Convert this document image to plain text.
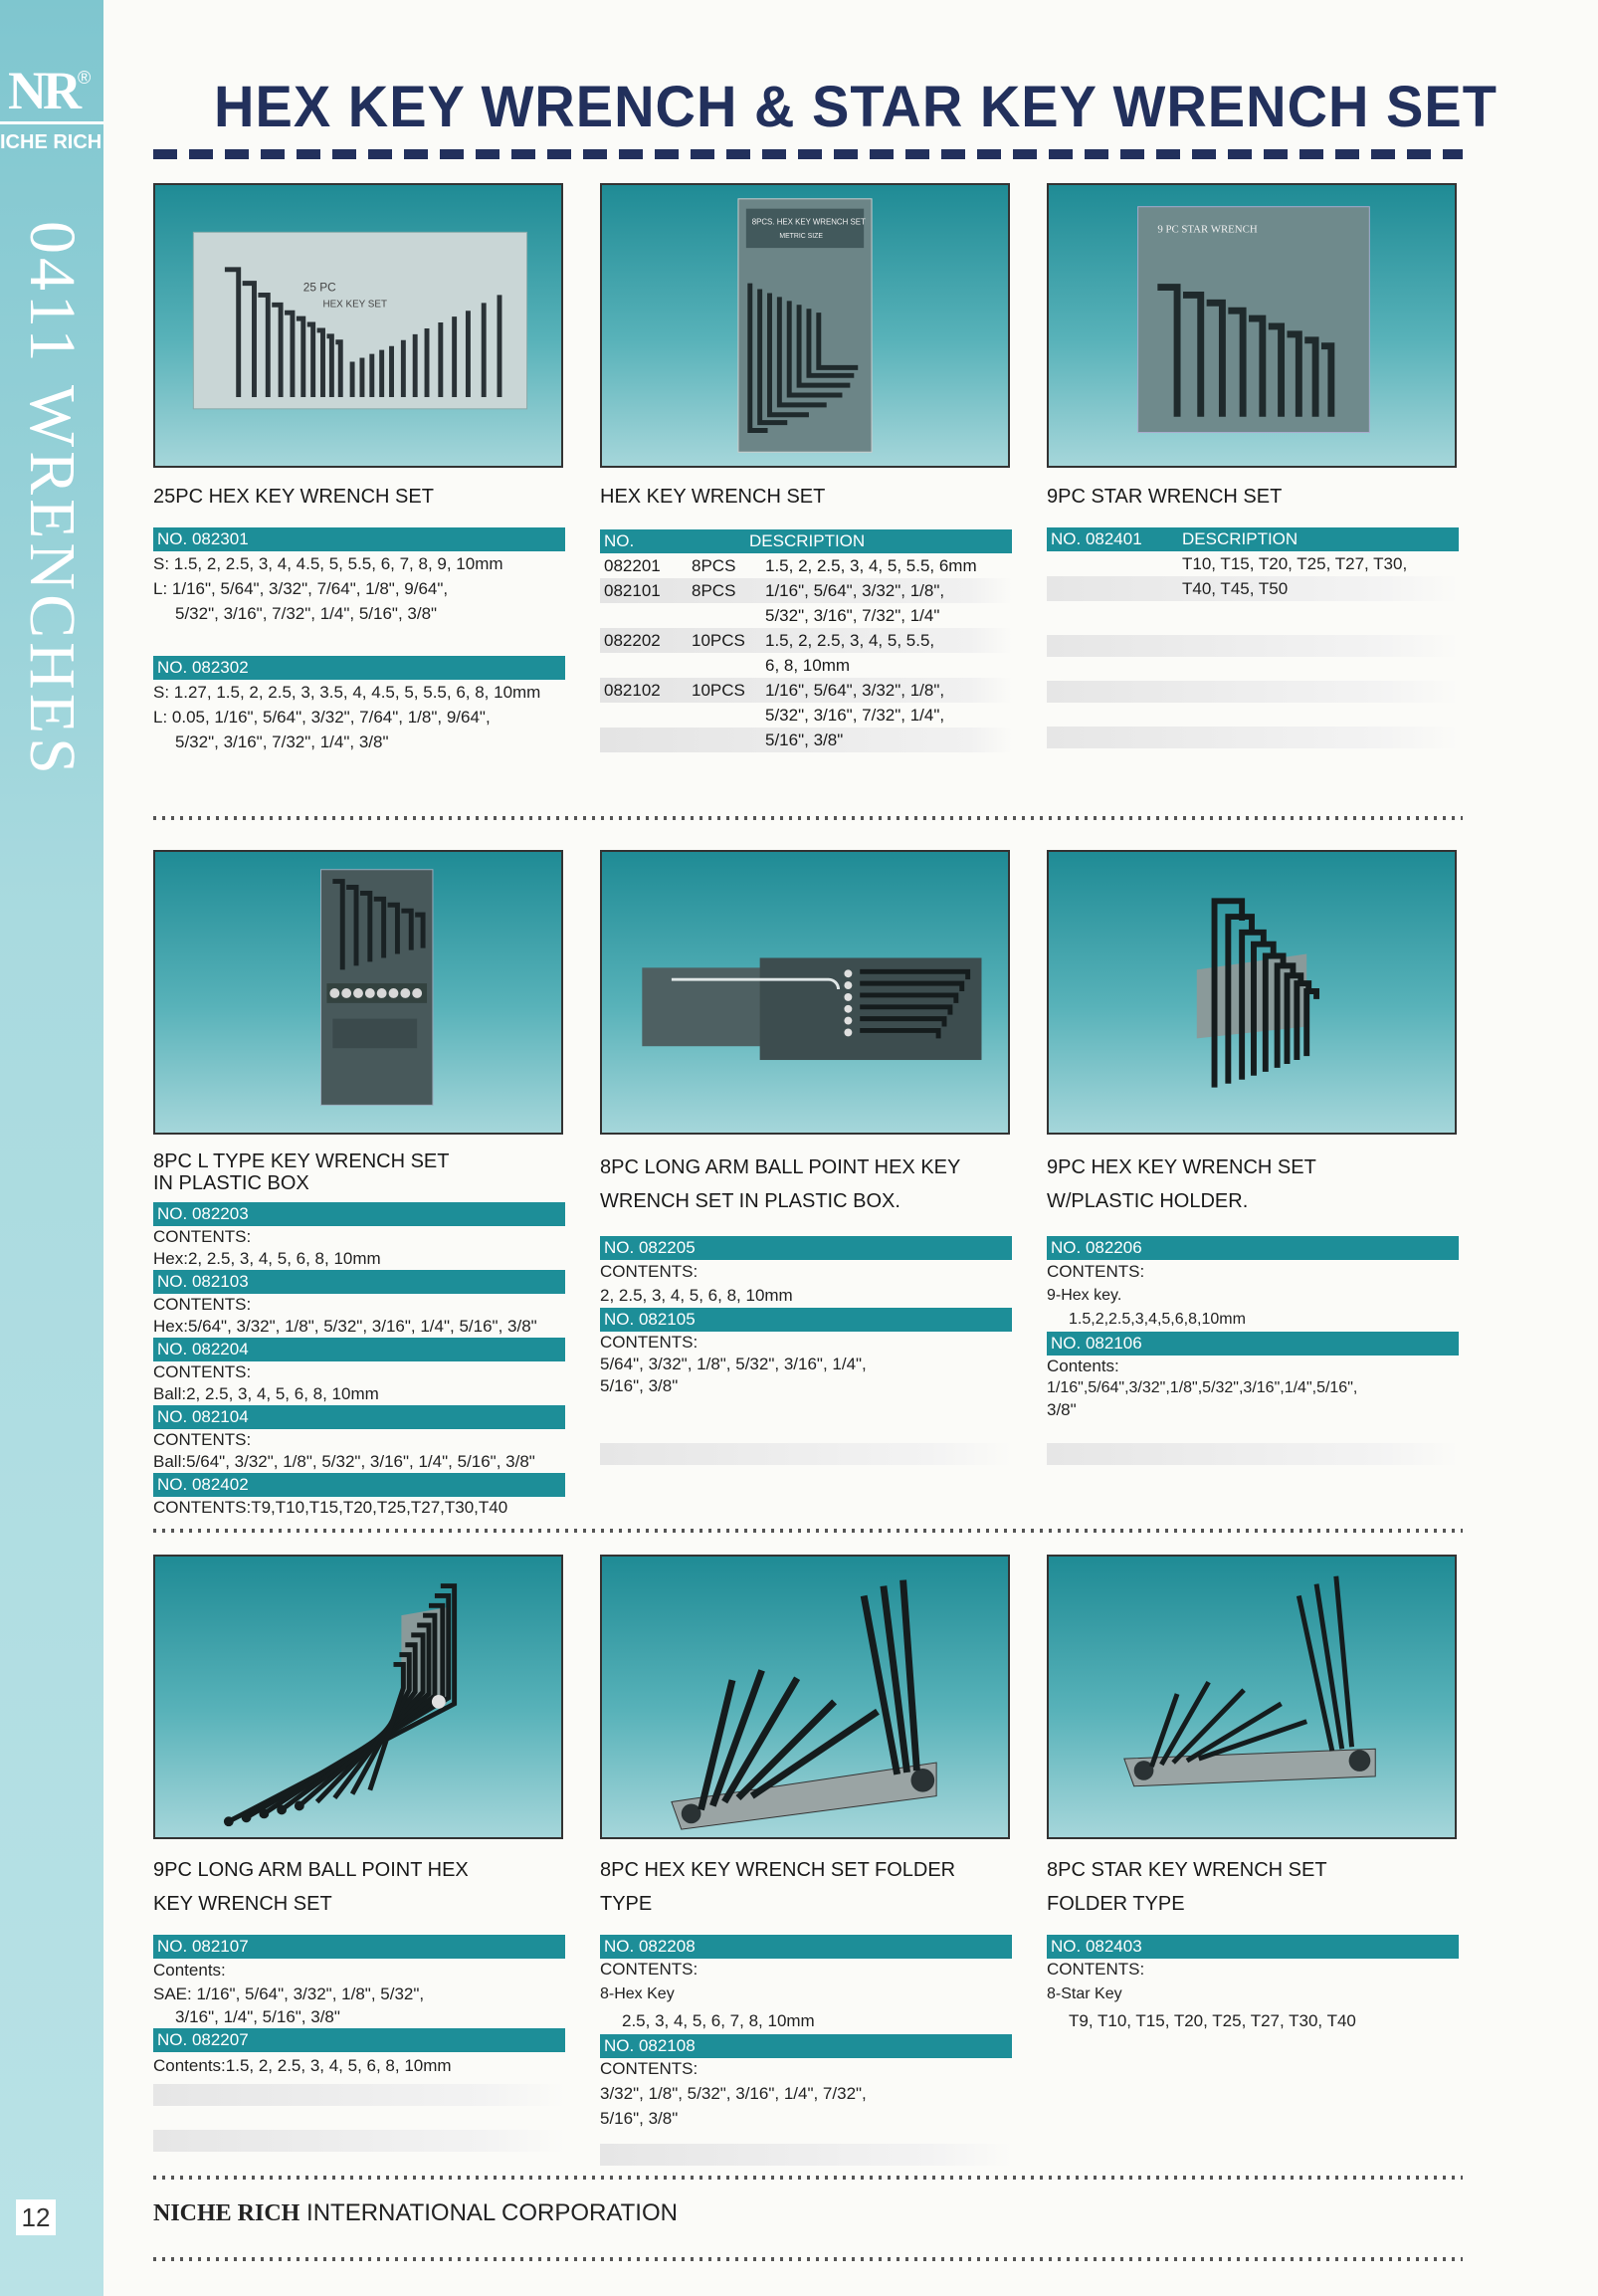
NR ®
ICHE RICH
0411 WRENCHES
12
HEX KEY WRENCH & STAR KEY WRENCH SET
25 PC
HEX KEY SET

25PC HEX KEY WRENCH SET

NO. 082301
S: 1.5, 2, 2.5, 3, 4, 4.5, 5, 5.5, 6, 7, 8, 9, 10mm
L: 1/16", 5/64", 3/32", 7/64", 1/8", 9/64",
5/32", 3/16", 7/32", 1/4", 5/16", 3/8"
NO. 082302
S: 1.27, 1.5, 2, 2.5, 3, 3.5, 4, 4.5, 5, 5.5, 6, 8, 10mm
L: 0.05, 1/16", 5/64", 3/32", 7/64", 1/8", 9/64",
5/32", 3/16", 7/32", 1/4", 3/8"
8PCS. HEX KEY WRENCH SET
METRIC SIZE

HEX KEY WRENCH SET

NO.	DESCRIPTION
082201 8PCS	1.5, 2, 2.5, 3, 4, 5, 5.5, 6mm
082101 8PCS	1/16", 5/64", 3/32", 1/8",
5/32", 3/16", 7/32", 1/4"
082202 10PCS	1.5, 2, 2.5, 3, 4, 5, 5.5,
6, 8, 10mm
082102 10PCS	1/16", 5/64", 3/32", 1/8",
5/32", 3/16", 7/32", 1/4",
5/16", 3/8"
9 PC STAR WRENCH

9PC STAR WRENCH SET

NO. 082401 DESCRIPTION
T10, T15, T20, T25, T27, T30,
T40, T45, T50

8PC L TYPE KEY WRENCH SET

IN PLASTIC BOX

NO. 082203
CONTENTS:
Hex:2, 2.5, 3, 4, 5, 6, 8, 10mm
NO. 082103
CONTENTS:
Hex:5/64", 3/32", 1/8", 5/32", 3/16", 1/4", 5/16", 3/8"
NO. 082204
CONTENTS:
Ball:2, 2.5, 3, 4, 5, 6, 8, 10mm
NO. 082104
CONTENTS:
Ball:5/64", 3/32", 1/8", 5/32", 3/16", 1/4", 5/16", 3/8"
NO. 082402
CONTENTS:T9,T10,T15,T20,T25,T27,T30,T40

8PC LONG ARM BALL POINT HEX KEY

WRENCH SET IN PLASTIC BOX.

NO. 082205
CONTENTS:
2, 2.5, 3, 4, 5, 6, 8, 10mm
NO. 082105
CONTENTS:
5/64", 3/32", 1/8", 5/32", 3/16", 1/4",
5/16", 3/8"

9PC HEX KEY WRENCH SET

W/PLASTIC HOLDER.

NO. 082206
CONTENTS:
9-Hex key.
1.5,2,2.5,3,4,5,6,8,10mm
NO. 082106
Contents:
1/16",5/64",3/32",1/8",5/32",3/16",1/4",5/16",
3/8"

9PC LONG ARM BALL POINT HEX

KEY WRENCH SET

NO. 082107
Contents:
SAE: 1/16", 5/64", 3/32", 1/8", 5/32",
3/16", 1/4", 5/16", 3/8"
NO. 082207
Contents:1.5, 2, 2.5, 3, 4, 5, 6, 8, 10mm

8PC HEX KEY WRENCH SET FOLDER

TYPE

NO. 082208
CONTENTS:
8-Hex Key
2.5, 3, 4, 5, 6, 7, 8, 10mm
NO. 082108
CONTENTS:
3/32", 1/8", 5/32", 3/16", 1/4", 7/32",
5/16", 3/8"

8PC STAR KEY WRENCH SET

FOLDER TYPE

NO. 082403
CONTENTS:
8-Star Key
T9, T10, T15, T20, T25, T27, T30, T40
NICHE RICH INTERNATIONAL CORPORATION
